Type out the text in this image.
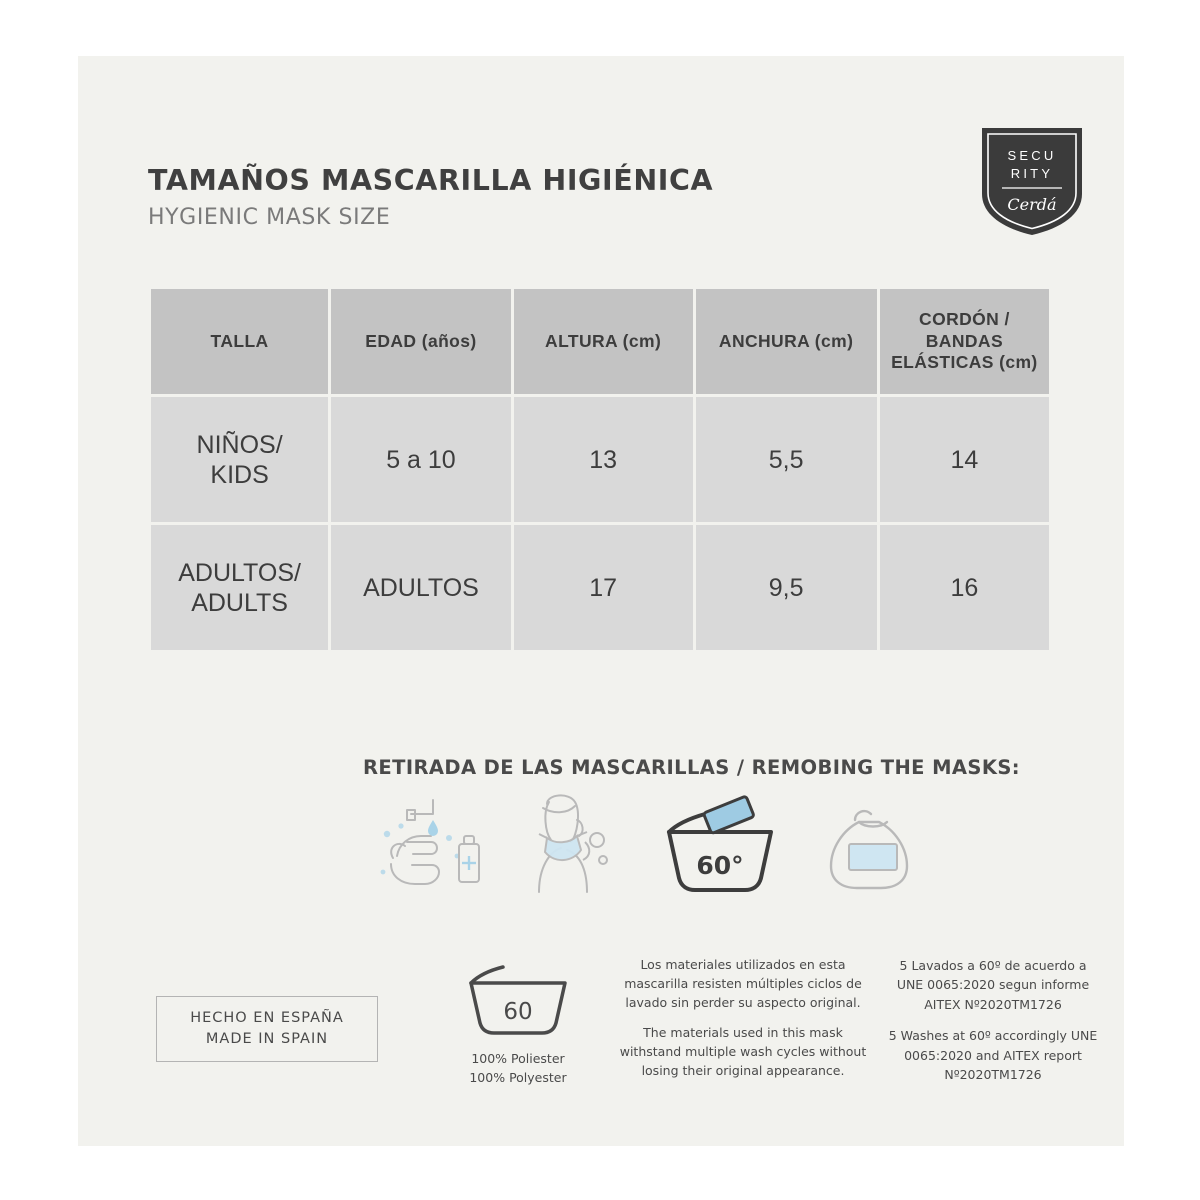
TAMAÑOS MASCARILLA HIGIÉNICA
HYGIENIC MASK SIZE
SECU
RITY
Cerdá
TALLA	EDAD (años)	ALTURA (cm)	ANCHURA (cm)	CORDÓN / BANDAS
ELÁSTICAS (cm)
NIÑOS/
KIDS	5 a 10	13	5,5	14
ADULTOS/
ADULTS	ADULTOS	17	9,5	16
RETIRADA DE LAS MASCARILLAS / REMOBING THE MASKS:
60°
HECHO EN ESPAÑA
MADE IN SPAIN
60
100% Poliester
100% Polyester

Los materiales utilizados en esta mascarilla resisten múltiples ciclos de lavado sin perder su aspecto original.

The materials used in this mask withstand multiple wash cycles without losing their original appearance.

5 Lavados a 60º de acuerdo a UNE 0065:2020 segun informe AITEX Nº2020TM1726

5 Washes at 60º accordingly UNE 0065:2020 and AITEX report Nº2020TM1726
